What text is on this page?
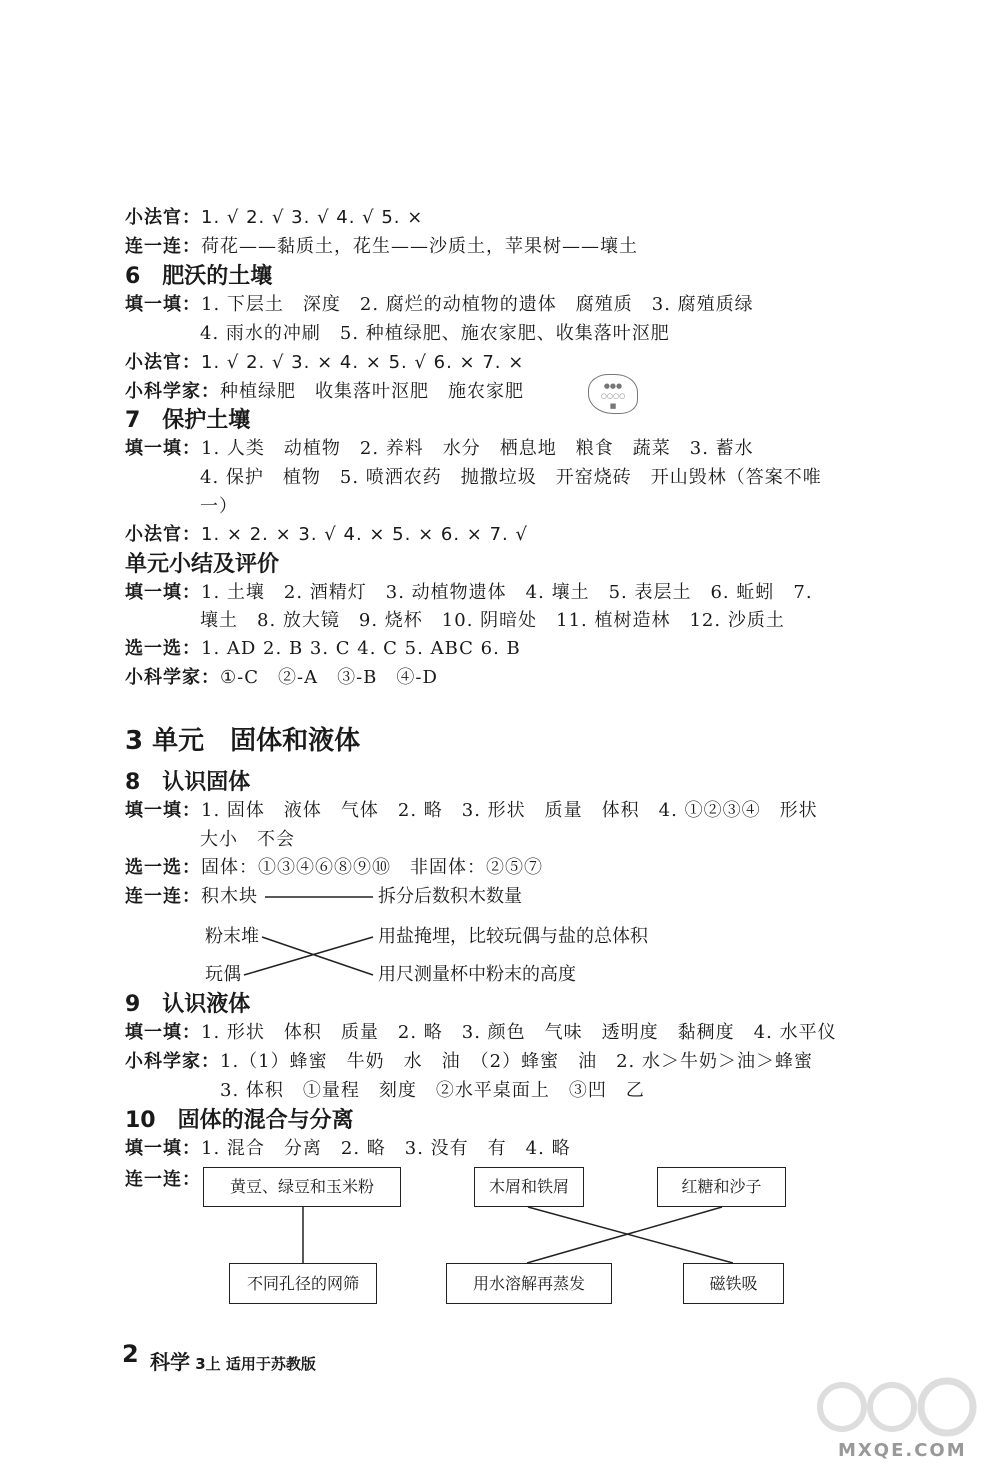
小法官：1. √ 2. √ 3. √ 4. √ 5. ×
连一连：荷花——黏质土，花生——沙质土，苹果树——壤土
6　肥沃的土壤
填一填：1. 下层土　深度　2. 腐烂的动植物的遗体　腐殖质　3. 腐殖质绿
4. 雨水的冲刷　5. 种植绿肥、施农家肥、收集落叶沤肥
小法官：1. √ 2. √ 3. × 4. × 5. √ 6. × 7. ×
小科学家：种植绿肥　收集落叶沤肥　施农家肥	●●●
○○○○
■
7　保护土壤
填一填：1. 人类　动植物　2. 养料　水分　栖息地　粮食　蔬菜　3. 蓄水
4. 保护　植物　5. 喷洒农药　抛撒垃圾　开窑烧砖　开山毁林（答案不唯
一）
小法官：1. × 2. × 3. √ 4. × 5. × 6. × 7. √
单元小结及评价
填一填：1. 土壤　2. 酒精灯　3. 动植物遗体　4. 壤土　5. 表层土　6. 蚯蚓　7.
壤土　8. 放大镜　9. 烧杯　10. 阴暗处　11. 植树造林　12. 沙质土
选一选：1. AD 2. B 3. C 4. C 5. ABC 6. B
小科学家：①-C　②-A　③-B　④-D
3 单元　固体和液体
8　认识固体
填一填：1. 固体　液体　气体　2. 略　3. 形状　质量　体积　4. ①②③④　形状
大小　不会
选一选：固体：①③④⑥⑧⑨⑩　非固体：②⑤⑦
连一连：积木块	拆分后数积木数量
粉末堆	用盐掩埋，比较玩偶与盐的总体积
玩偶	用尺测量杯中粉末的高度
9　认识液体
填一填：1. 形状　体积　质量　2. 略　3. 颜色　气味　透明度　黏稠度　4. 水平仪
小科学家：1.（1）蜂蜜　牛奶　水　油　（2）蜂蜜　油　2. 水＞牛奶＞油＞蜂蜜
3. 体积　①量程　刻度　②水平桌面上　③凹　乙
10　固体的混合与分离
填一填：1. 混合　分离　2. 略　3. 没有　有　4. 略
连一连：	黄豆、绿豆和玉米粉	木屑和铁屑	红糖和沙子
不同孔径的网筛	用水溶解再蒸发	磁铁吸
2 科学 3上 适用于苏教版
MXQE.COM
